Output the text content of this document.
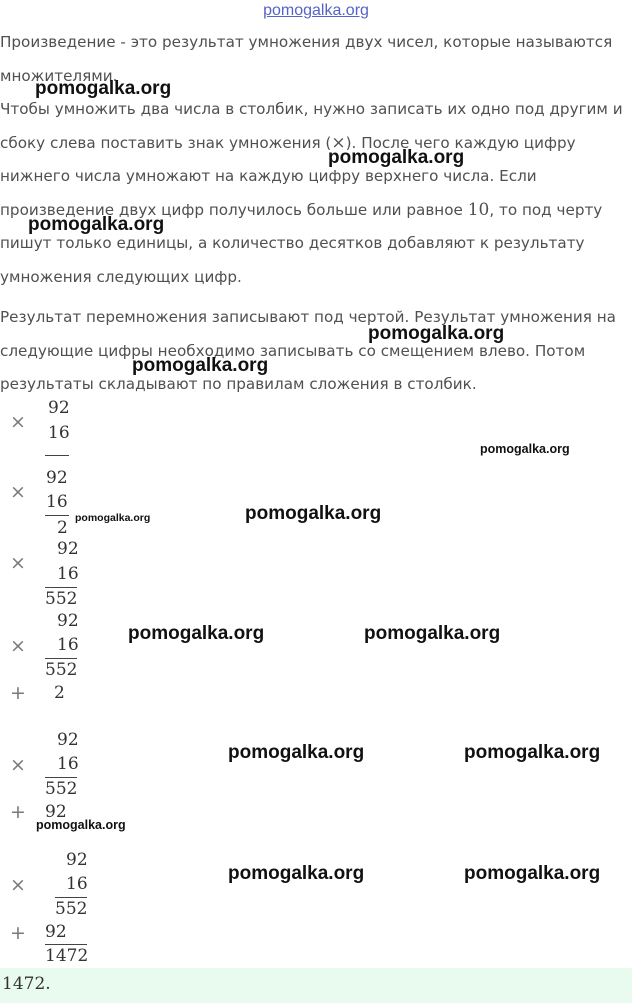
pomogalka.org
Произведение - это результат умножения двух чисел, которые называются множителями.
Чтобы умножить два числа в столбик, нужно записать их одно под другим и сбоку слева поставить знак умножения (×). После чего каждую цифру нижнего числа умножают на каждую цифру верхнего числа. Если произведение двух цифр получилось больше или равное 10, то под черту пишут только единицы, а количество десятков добавляют к результату умножения следующих цифр.
Результат перемножения записывают под чертой. Результат умножения на следующие цифры необходимо записывать со смещением влево. Потом результаты складывают по правилам сложения в столбик.
×
92
16
×
92
16
2
×
92
16
552
×
92
16
552
+ 2
×
92
16
552
+ 92
×
92
16
552
+ 92
1472
1472.
pomogalka.org
pomogalka.org
pomogalka.org
pomogalka.org
pomogalka.org
pomogalka.org
pomogalka.org	pomogalka.org
pomogalka.org	pomogalka.org
pomogalka.org	pomogalka.org
pomogalka.org
pomogalka.org	pomogalka.org
